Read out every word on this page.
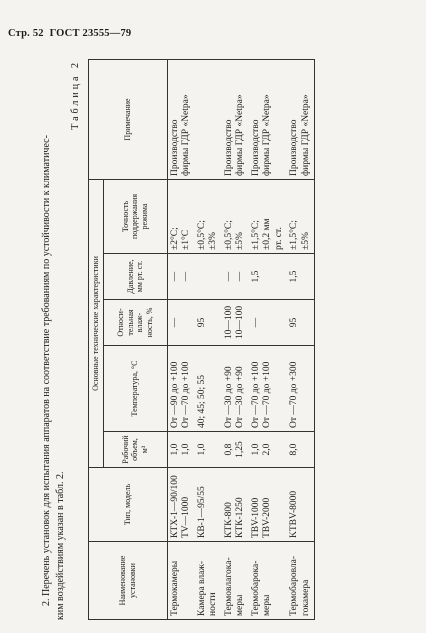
Стр. 52 ГОСТ 23555—79
2. Перечень установок для испытания аппаратов на соответствие требованиям по устойчивости к климатичес- ким воздействиям указан в табл. 2.
Таблица 2
Наименование установки	Тип, модель	Основные технические характеристики					Примечание
		Рабочий объем, м³	Температура, °С	Относи- тельная влаж- ность, %	Давление, мм рт. ст.	Точность поддержания режима	

Термокамеры	КТХ-1—90/100 TV—1000	1,0 1,0	От —90 до +100 От —70 до +100	—	— —	±2°С; ±1°С	Производство фирмы ГДР «Netpa»

Камера влаж- ности	КВ-1—95/55	1,0	40; 45; 50; 55	95		±0,5°С; ±3%	

Термовлагока- меры	КТК-800 КТК-1250	0,8 1,25	От —30 до +90 От —30 до +90	10—100 10—100	— —	±0,5°С; ±5%	Производство фирмы ГДР «Netpa»

Термобарока- меры	TBV-1000 TBV-2000	1,0 2,0	От —70 до +100 От —70 до +100	—	1,5	±1,5°С; ±0,2 мм рт. ст.	Производство фирмы ГДР «Netpa»

Термобаровла- гокамера	KTBV-8000	8,0	От —70 до +300	95	1,5	±1,5°С; ±5%	Производство фирмы ГДР «Netpa»
